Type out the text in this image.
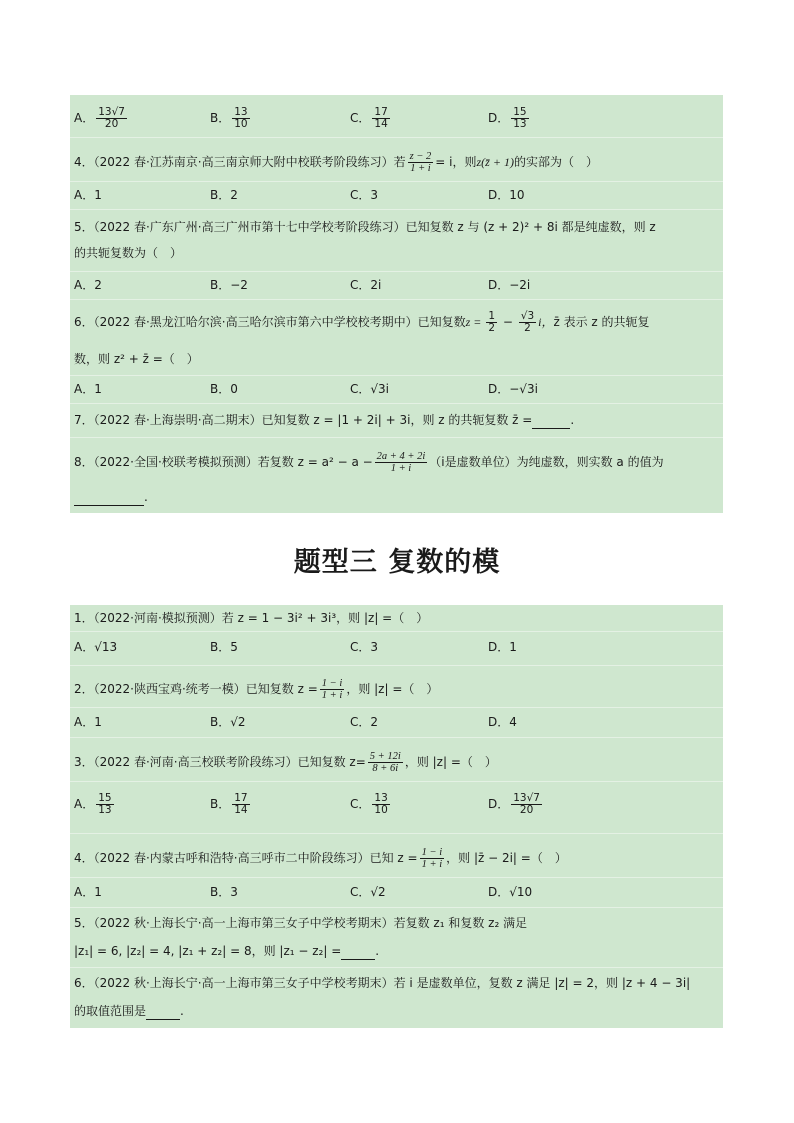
A． $\frac{13√7}{20}$	B． $\frac{13}{10}$	C． $\frac{17}{14}$	D． $\frac{15}{13}$
4．（2022 春·江苏南京·高三南京师大附中校联考阶段练习）若 $\frac{z - 2}{1 + i} = i$，则z(z̄ + 1)的实部为（　）
A．1	B．2	C．3	D．10
5．（2022 春·广东广州·高三广州市第十七中学校考阶段练习）已知复数 z 与 (z + 2)² + 8i 都是纯虚数，则 z
的共轭复数为（　）
A．2	B．−2	C．2i	D．−2i
6．（2022 春·黑龙江哈尔滨·高三哈尔滨市第六中学校校考期中）已知复数$z = \frac{1}{2} - \frac{√3}{2}$ i，z̄ 表示 z 的共轭复
数，则 z² + z̄ =（　）
A．1	B．0	C．√3i	D．−√3i
7．（2022 春·上海崇明·高二期末）已知复数 z = |1 + 2i| + 3i，则 z 的共轭复数 z̄ =	.
8．（2022·全国·校联考模拟预测）若复数 $z = a^2 - a - \frac{2a + 4 + 2i}{1 + i} (i$是虚数单位）为纯虚数，则实数 a 的值为
.
题型三 复数的模
1．（2022·河南·模拟预测）若 z = 1 − 3i² + 3i³，则 |z| =（　）
A．√13	B．5	C．3	D．1
2．（2022·陕西宝鸡·统考一模）已知复数 $z = \frac{1 - i}{1 + i}$ ，则 |z| =（　）
A．1	B．√2	C．2	D．4
3．（2022 春·河南·高三校联考阶段练习）已知复数 $z= \frac{5 + 12i}{8 + 6i}$ ，则 |z| =（　）
A． $\frac{15}{13}$	B． $\frac{17}{14}$	C． $\frac{13}{10}$	D． $\frac{13√7}{20}$
4．（2022 春·内蒙古呼和浩特·高三呼市二中阶段练习）已知 $z = \frac{1 - i}{1 + i}$ ，则 |z̄ − 2i| =（　）
A．1	B．3	C．√2	D．√10
5．（2022 秋·上海长宁·高一上海市第三女子中学校考期末）若复数 z₁ 和复数 z₂ 满足
|z₁| = 6, |z₂| = 4, |z₁ + z₂| = 8，则 |z₁ − z₂| =	.
6．（2022 秋·上海长宁·高一上海市第三女子中学校考期末）若 i 是虚数单位，复数 z 满足 |z| = 2，则 |z + 4 − 3i|
的取值范围是	.
